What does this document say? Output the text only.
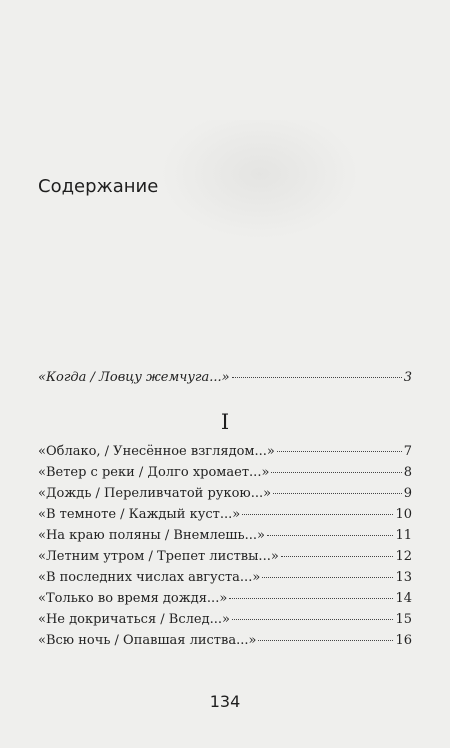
Содержание
«Когда / Ловцу жемчуга...»	3
I
«Облако, / Унесённое взглядом...»	7
«Ветер с реки / Долго хромает...»	8
«Дождь / Переливчатой рукою...»	9
«В темноте / Каждый куст...»	10
«На краю поляны / Внемлешь...»	11
«Летним утром / Трепет листвы...»	12
«В последних числах августа...»	13
«Только во время дождя...»	14
«Не докричаться / Вслед...»	15
«Всю ночь / Опавшая листва...»	16
134
